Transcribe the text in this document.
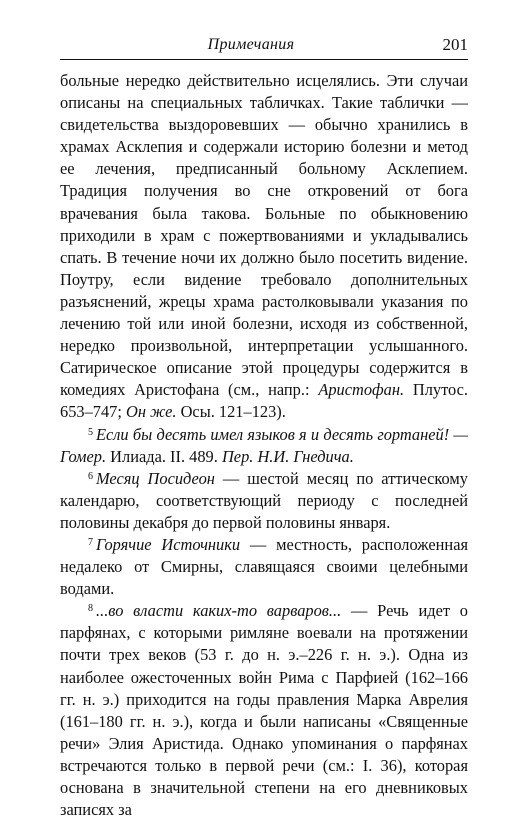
Примечания	201

больные нередко действительно исцелялись. Эти случаи описаны на специальных табличках. Такие таблички — свидетельства выздоровевших — обычно хранились в храмах Асклепия и содержали историю болезни и метод ее лечения, предписанный больному Асклепием. Традиция получения во сне откровений от бога врачевания была такова. Больные по обыкновению приходили в храм с пожертвованиями и укладывались спать. В течение ночи их должно было посетить видение. Поутру, если видение требовало дополнительных разъяснений, жрецы храма растолковывали указания по лечению той или иной болезни, исходя из собственной, нередко произвольной, интерпретации услышанного. Сатирическое описание этой процедуры содержится в комедиях Аристофана (см., напр.: Аристофан. Плутос. 653–747; Он же. Осы. 121–123).

$^5$ Если бы десять имел языков я и десять гортаней! — Гомер. Илиада. II. 489. Пер. Н.И. Гнедича.

$^6$ Месяц Посидеон — шестой месяц по аттическому календарю, соответствующий периоду с последней половины декабря до первой половины января.

$^7$ Горячие Источники — местность, расположенная недалеко от Смирны, славящаяся своими целебными водами.

$^8$ ...во власти каких-то варваров... — Речь идет о парфянах, с которыми римляне воевали на протяжении почти трех веков (53 г. до н. э.–226 г. н. э.). Одна из наиболее ожесточенных войн Рима с Парфией (162–166 гг. н. э.) приходится на годы правления Марка Аврелия (161–180 гг. н. э.), когда и были написаны «Священные речи» Элия Аристида. Однако упоминания о парфянах встречаются только в первой речи (см.: I. 36), которая основана в значительной степени на его дневниковых записях за
